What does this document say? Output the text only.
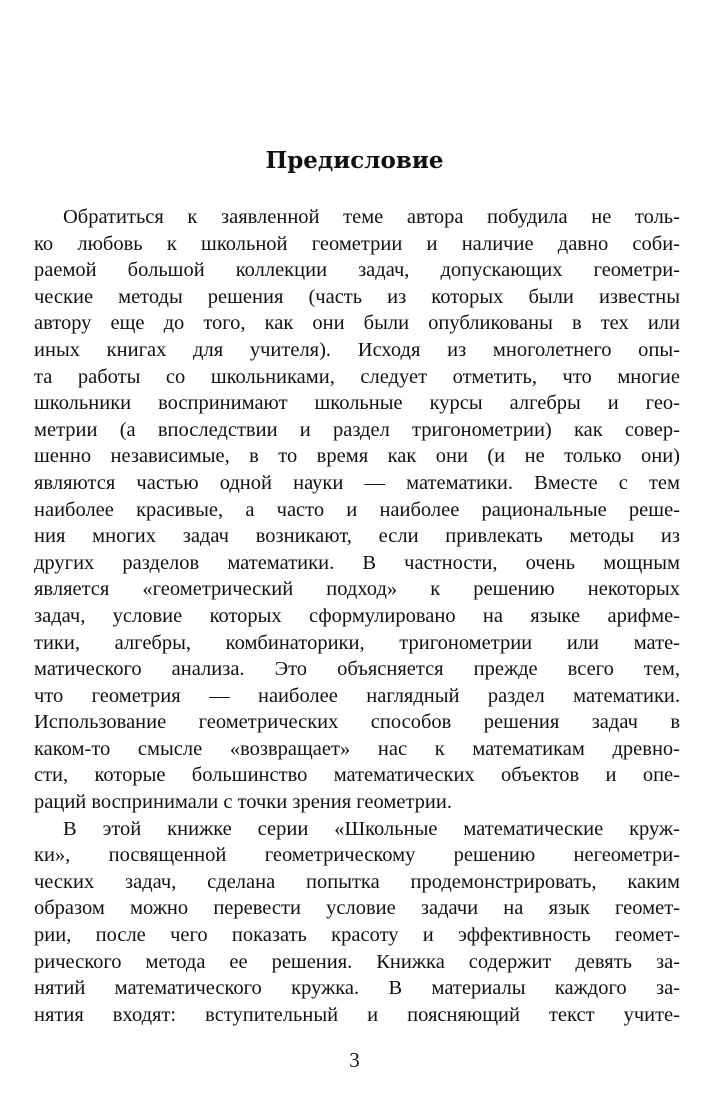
Предисловие
Обратиться к заявленной теме автора побудила не толь-
ко любовь к школьной геометрии и наличие давно соби-
раемой большой коллекции задач, допускающих геометри-
ческие методы решения (часть из которых были известны
автору еще до того, как они были опубликованы в тех или
иных книгах для учителя). Исходя из многолетнего опы-
та работы со школьниками, следует отметить, что многие
школьники воспринимают школьные курсы алгебры и гео-
метрии (а впоследствии и раздел тригонометрии) как совер-
шенно независимые, в то время как они (и не только они)
являются частью одной науки — математики. Вместе с тем
наиболее красивые, а часто и наиболее рациональные реше-
ния многих задач возникают, если привлекать методы из
других разделов математики. В частности, очень мощным
является «геометрический подход» к решению некоторых
задач, условие которых сформулировано на языке арифме-
тики, алгебры, комбинаторики, тригонометрии или мате-
матического анализа. Это объясняется прежде всего тем,
что геометрия — наиболее наглядный раздел математики.
Использование геометрических способов решения задач в
каком-то смысле «возвращает» нас к математикам древно-
сти, которые большинство математических объектов и опе-
раций воспринимали с точки зрения геометрии.
В этой книжке серии «Школьные математические круж-
ки», посвященной геометрическому решению негеометри-
ческих задач, сделана попытка продемонстрировать, каким
образом можно перевести условие задачи на язык геомет-
рии, после чего показать красоту и эффективность геомет-
рического метода ее решения. Книжка содержит девять за-
нятий математического кружка. В материалы каждого за-
нятия входят: вступительный и поясняющий текст учите-
3
